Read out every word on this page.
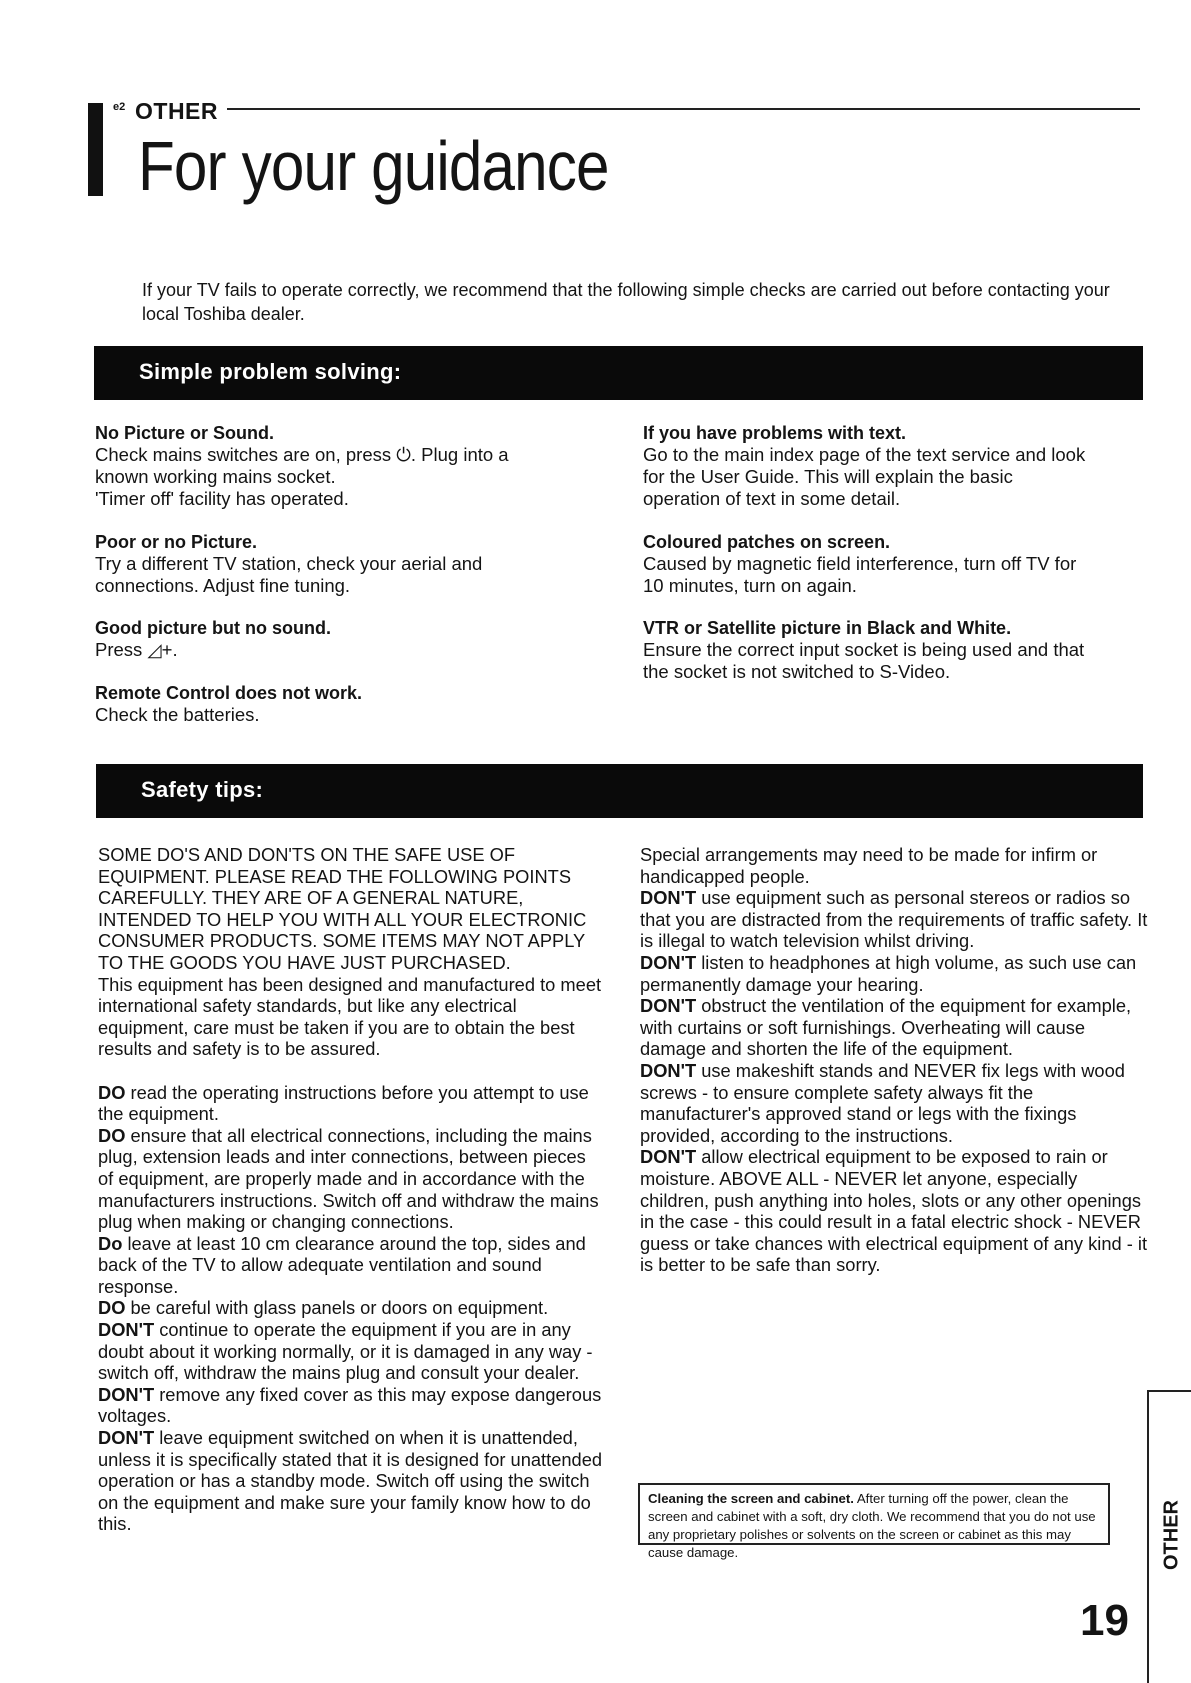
e2 OTHER
For your guidance
If your TV fails to operate correctly, we recommend that the following simple checks are carried out before contacting your local Toshiba dealer.
Simple problem solving:
No Picture or Sound.
Check mains switches are on, press ⏻. Plug into a
known working mains socket.
'Timer off' facility has operated.
Poor or no Picture.
Try a different TV station, check your aerial and
connections. Adjust fine tuning.
Good picture but no sound.
Press ◿+.
Remote Control does not work.
Check the batteries.
If you have problems with text.
Go to the main index page of the text service and look
for the User Guide. This will explain the basic
operation of text in some detail.
Coloured patches on screen.
Caused by magnetic field interference, turn off TV for
10 minutes, turn on again.
VTR or Satellite picture in Black and White.
Ensure the correct input socket is being used and that
the socket is not switched to S-Video.
Safety tips:

SOME DO'S AND DON'TS ON THE SAFE USE OF EQUIPMENT. PLEASE READ THE FOLLOWING POINTS CAREFULLY. THEY ARE OF A GENERAL NATURE, INTENDED TO HELP YOU WITH ALL YOUR ELECTRONIC CONSUMER PRODUCTS. SOME ITEMS MAY NOT APPLY TO THE GOODS YOU HAVE JUST PURCHASED.

This equipment has been designed and manufactured to meet international safety standards, but like any electrical equipment, care must be taken if you are to obtain the best results and safety is to be assured.

DO read the operating instructions before you attempt to use the equipment.

DO ensure that all electrical connections, including the mains plug, extension leads and inter connections, between pieces of equipment, are properly made and in accordance with the manufacturers instructions. Switch off and withdraw the mains plug when making or changing connections.

Do leave at least 10 cm clearance around the top, sides and back of the TV to allow adequate ventilation and sound response.

DO be careful with glass panels or doors on equipment.

DON'T continue to operate the equipment if you are in any doubt about it working normally, or it is damaged in any way - switch off, withdraw the mains plug and consult your dealer.

DON'T remove any fixed cover as this may expose dangerous voltages.

DON'T leave equipment switched on when it is unattended, unless it is specifically stated that it is designed for unattended operation or has a standby mode. Switch off using the switch on the equipment and make sure your family know how to do this.

Special arrangements may need to be made for infirm or handicapped people.

DON'T use equipment such as personal stereos or radios so that you are distracted from the requirements of traffic safety. It is illegal to watch television whilst driving.

DON'T listen to headphones at high volume, as such use can permanently damage your hearing.

DON'T obstruct the ventilation of the equipment for example, with curtains or soft furnishings. Overheating will cause damage and shorten the life of the equipment.

DON'T use makeshift stands and NEVER fix legs with wood screws - to ensure complete safety always fit the manufacturer's approved stand or legs with the fixings provided, according to the instructions.

DON'T allow electrical equipment to be exposed to rain or moisture. ABOVE ALL - NEVER let anyone, especially children, push anything into holes, slots or any other openings in the case - this could result in a fatal electric shock - NEVER guess or take chances with electrical equipment of any kind - it is better to be safe than sorry.

Cleaning the screen and cabinet. After turning off the power, clean the screen and cabinet with a soft, dry cloth. We recommend that you do not use any proprietary polishes or solvents on the screen or cabinet as this may cause damage.	OTHER
19
